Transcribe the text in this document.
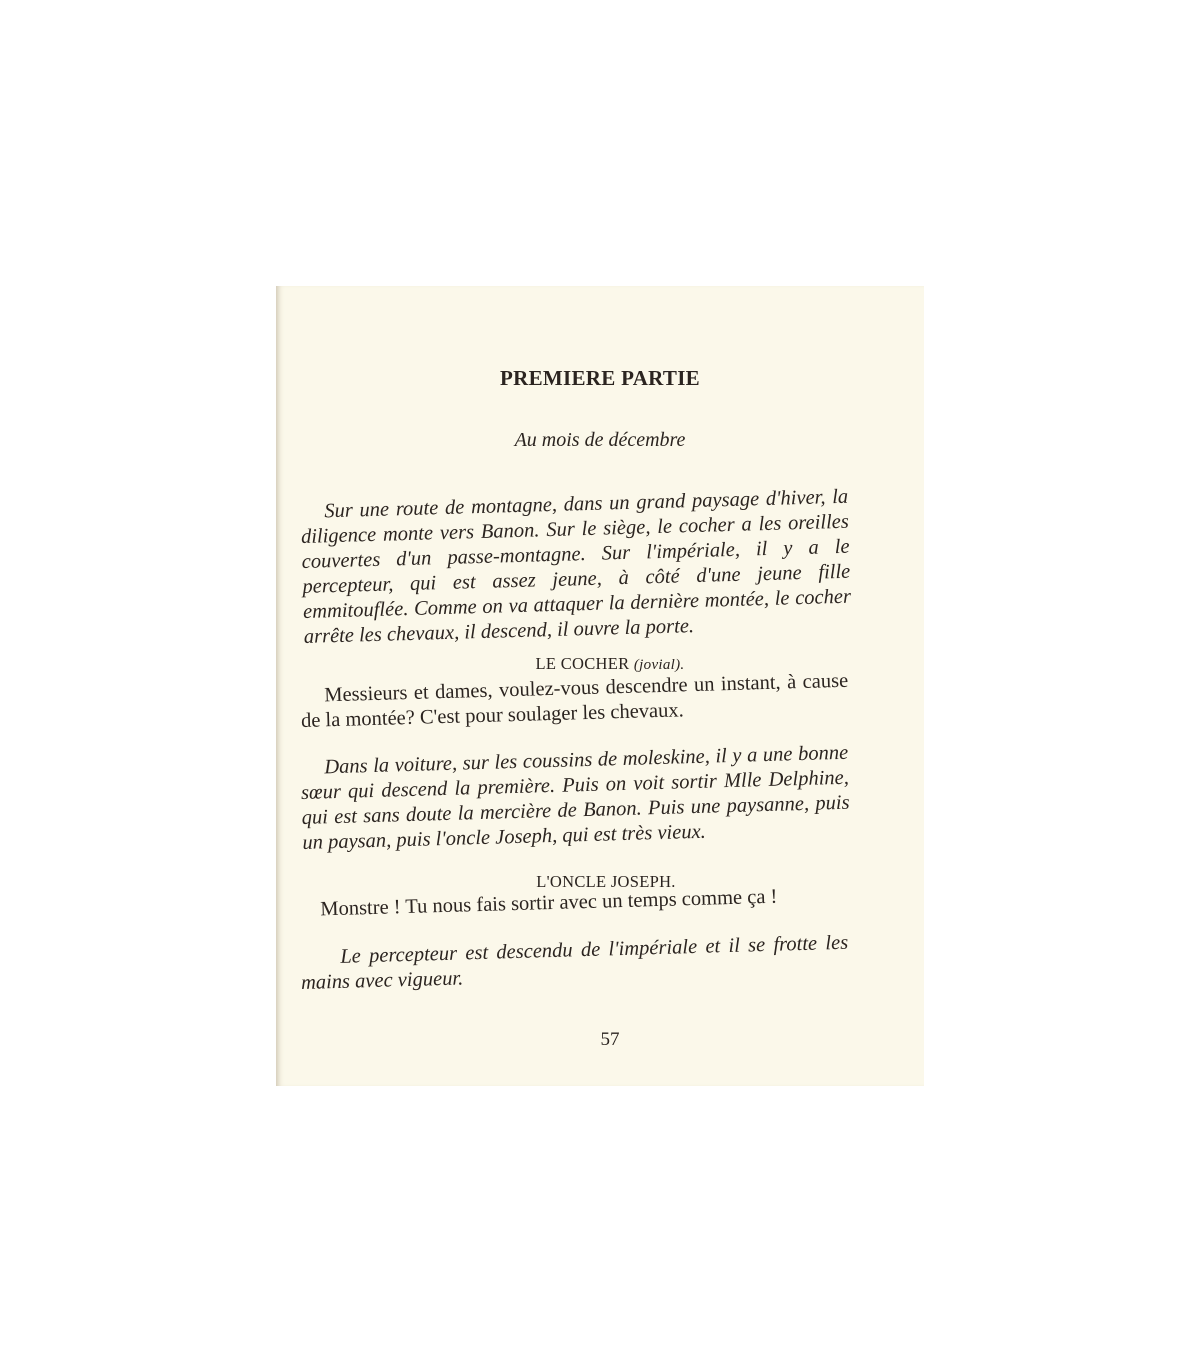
PREMIERE PARTIE
Au mois de décembre
Sur une route de montagne, dans un grand paysage d'hiver, la diligence monte vers Banon. Sur le siège, le cocher a les oreilles couvertes d'un passe-montagne. Sur l'impériale, il y a le percepteur, qui est assez jeune, à côté d'une jeune fille emmitouflée. Comme on va attaquer la dernière montée, le cocher arrête les chevaux, il descend, il ouvre la porte.
LE COCHER (jovial).
Messieurs et dames, voulez-vous descendre un instant, à cause de la montée? C'est pour soulager les chevaux.
Dans la voiture, sur les coussins de moleskine, il y a une bonne sœur qui descend la première. Puis on voit sortir Mlle Delphine, qui est sans doute la mercière de Banon. Puis une paysanne, puis un paysan, puis l'oncle Joseph, qui est très vieux.
L'ONCLE JOSEPH.
Monstre ! Tu nous fais sortir avec un temps comme ça !
Le percepteur est descendu de l'impériale et il se frotte les mains avec vigueur.
57
